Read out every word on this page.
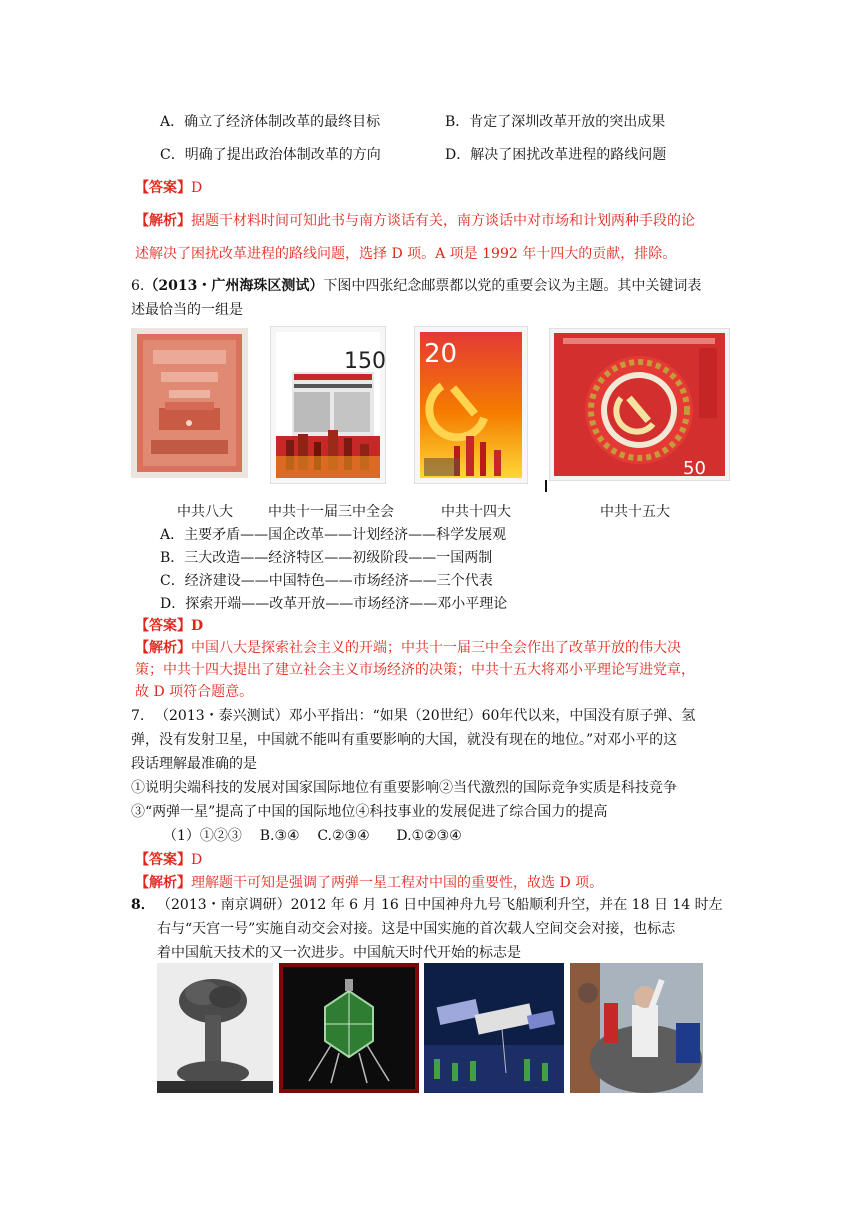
A．确立了经济体制改革的最终目标	B．肯定了深圳改革开放的突出成果
C．明确了提出政治体制改革的方向	D．解决了困扰改革进程的路线问题
【答案】D
【解析】据题干材料时间可知此书与南方谈话有关，南方谈话中对市场和计划两种手段的论
述解决了困扰改革进程的路线问题，选择 D 项。A 项是 1992 年十四大的贡献，排除。
6.（2013・广州海珠区测试）下图中四张纪念邮票都以党的重要会议为主题。其中关键词表
述最恰当的一组是
150 20
50
中共八大	中共十一届三中全会	中共十四大	中共十五大
A．主要矛盾——国企改革——计划经济——科学发展观
B．三大改造——经济特区——初级阶段——一国两制
C．经济建设——中国特色——市场经济——三个代表
D．探索开端——改革开放——市场经济——邓小平理论
【答案】D
【解析】中国八大是探索社会主义的开端；中共十一届三中全会作出了改革开放的伟大决
策；中共十四大提出了建立社会主义市场经济的决策；中共十五大将邓小平理论写进党章，
故 D 项符合题意。
7. （2013・泰兴测试）邓小平指出：“如果（20世纪）60年代以来，中国没有原子弹、氢
弹，没有发射卫星，中国就不能叫有重要影响的大国，就没有现在的地位。”对邓小平的这
段话理解最准确的是
①说明尖端科技的发展对国家国际地位有重要影响②当代激烈的国际竞争实质是科技竞争
③“两弹一星”提高了中国的国际地位④科技事业的发展促进了综合国力的提高
（1）①②③    B.③④    C.②③④      D.①②③④
【答案】D
【解析】理解题干可知是强调了两弹一星工程对中国的重要性，故选 D 项。
8． （2013・南京调研）2012 年 6 月 16 日中国神舟九号飞船顺利升空，并在 18 日 14 时左
右与“天宫一号”实施自动交会对接。这是中国实施的首次载人空间交会对接，也标志
着中国航天技术的又一次进步。中国航天时代开始的标志是
